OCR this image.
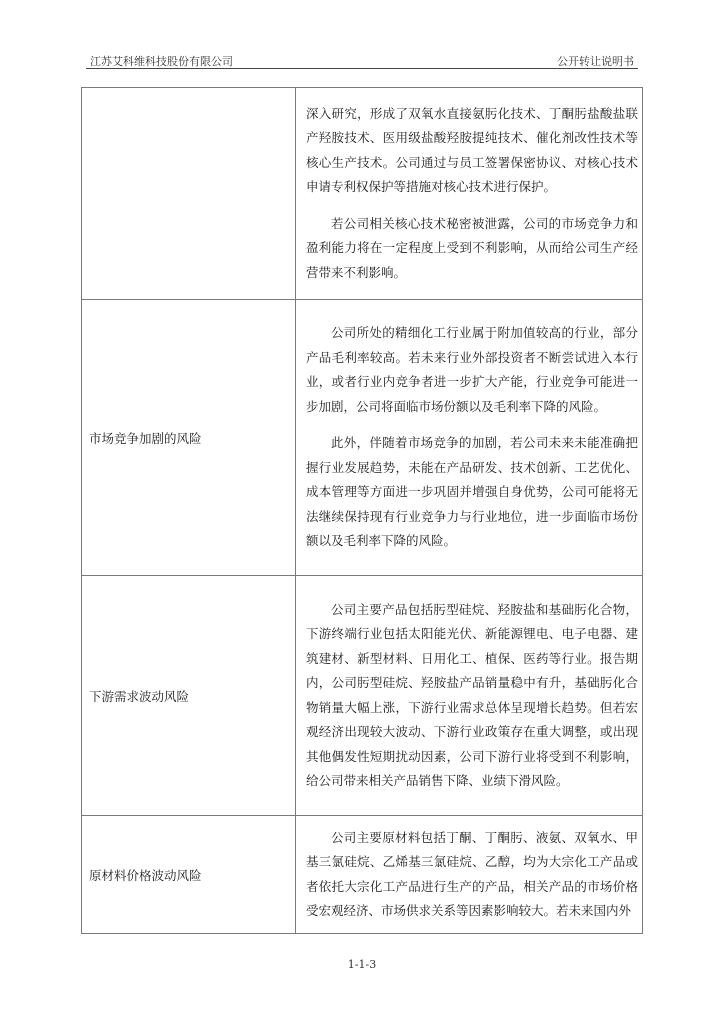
江苏艾科维科技股份有限公司	公开转让说明书

	深入研究，形成了双氧水直接氨肟化技术、丁酮肟盐酸盐联产羟胺技术、医用级盐酸羟胺提纯技术、催化剂改性技术等核心生产技术。公司通过与员工签署保密协议、对核心技术申请专利权保护等措施对核心技术进行保护。

若公司相关核心技术秘密被泄露，公司的市场竞争力和盈利能力将在一定程度上受到不利影响，从而给公司生产经营带来不利影响。

市场竞争加剧的风险	公司所处的精细化工行业属于附加值较高的行业，部分产品毛利率较高。若未来行业外部投资者不断尝试进入本行业，或者行业内竞争者进一步扩大产能，行业竞争可能进一步加剧，公司将面临市场份额以及毛利率下降的风险。

此外，伴随着市场竞争的加剧，若公司未来未能准确把握行业发展趋势，未能在产品研发、技术创新、工艺优化、成本管理等方面进一步巩固并增强自身优势，公司可能将无法继续保持现有行业竞争力与行业地位，进一步面临市场份额以及毛利率下降的风险。

下游需求波动风险	公司主要产品包括肟型硅烷、羟胺盐和基础肟化合物，下游终端行业包括太阳能光伏、新能源锂电、电子电器、建筑建材、新型材料、日用化工、植保、医药等行业。报告期内，公司肟型硅烷、羟胺盐产品销量稳中有升，基础肟化合物销量大幅上涨，下游行业需求总体呈现增长趋势。但若宏观经济出现较大波动、下游行业政策存在重大调整，或出现其他偶发性短期扰动因素，公司下游行业将受到不利影响，给公司带来相关产品销售下降、业绩下滑风险。

原材料价格波动风险	公司主要原材料包括丁酮、丁酮肟、液氨、双氧水、甲基三氯硅烷、乙烯基三氯硅烷、乙醇，均为大宗化工产品或者依托大宗化工产品进行生产的产品，相关产品的市场价格受宏观经济、市场供求关系等因素影响较大。若未来国内外

1-1-3
